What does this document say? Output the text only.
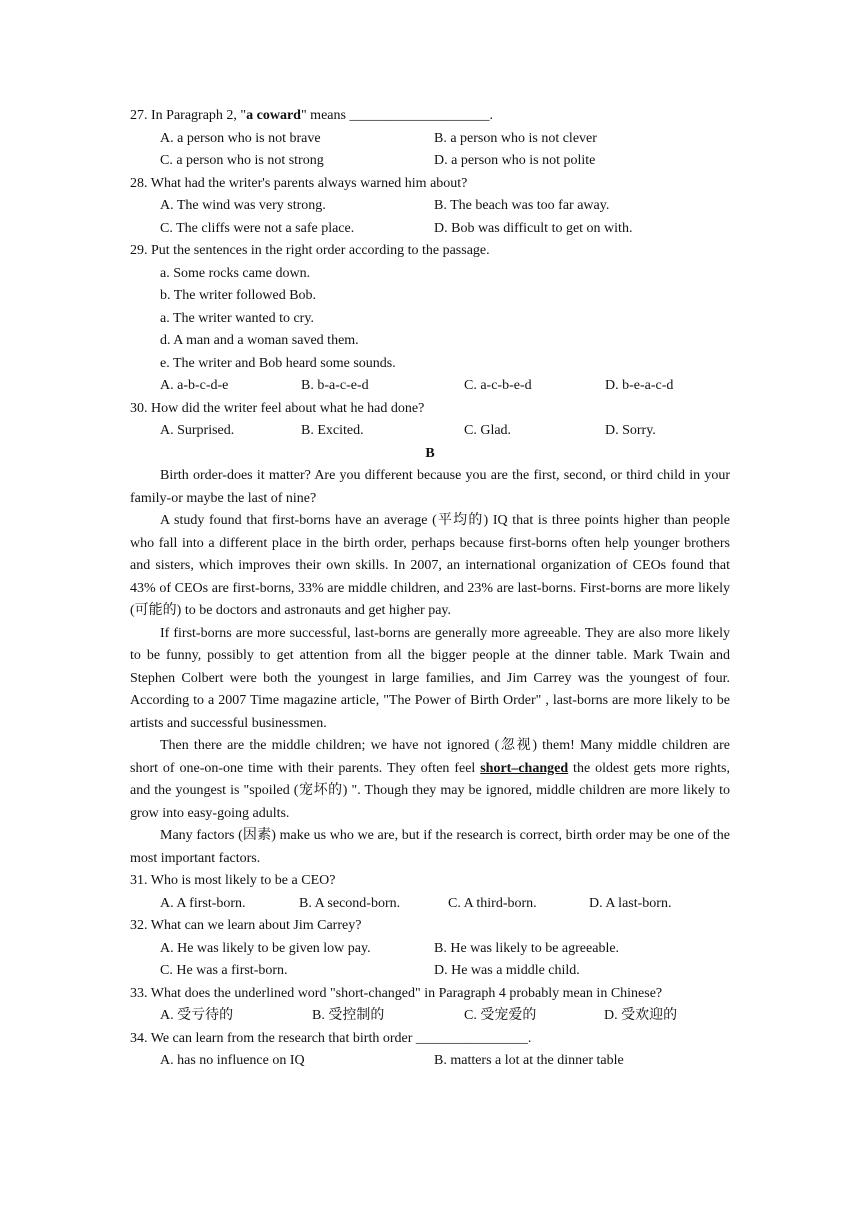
27. In Paragraph 2, "a coward" means ____________________.
A. a person who is not brave	B. a person who is not clever
C. a person who is not strong	D. a person who is not polite
28. What had the writer's parents always warned him about?
A. The wind was very strong.	B. The beach was too far away.
C. The cliffs were not a safe place.	D. Bob was difficult to get on with.
29. Put the sentences in the right order according to the passage.
a. Some rocks came down.
b. The writer followed Bob.
a. The writer wanted to cry.
d. A man and a woman saved them.
e. The writer and Bob heard some sounds.
A. a-b-c-d-e	B. b-a-c-e-d	C. a-c-b-e-d	D. b-e-a-c-d
30. How did the writer feel about what he had done?
A. Surprised.	B. Excited.	C. Glad.	D. Sorry.
B

Birth order-does it matter? Are you different because you are the first, second, or third child in your family-or maybe the last of nine?

A study found that first-borns have an average (平均的) IQ that is three points higher than people who fall into a different place in the birth order, perhaps because first-borns often help younger brothers and sisters, which improves their own skills. In 2007, an international organization of CEOs found that 43% of CEOs are first-borns, 33% are middle children, and 23% are last-borns. First-borns are more likely (可能的) to be doctors and astronauts and get higher pay.

If first-borns are more successful, last-borns are generally more agreeable. They are also more likely to be funny, possibly to get attention from all the bigger people at the dinner table. Mark Twain and Stephen Colbert were both the youngest in large families, and Jim Carrey was the youngest of four. According to a 2007 Time magazine article, "The Power of Birth Order" , last-borns are more likely to be artists and successful businessmen.

Then there are the middle children; we have not ignored (忽视) them! Many middle children are short of one-on-one time with their parents. They often feel short–changed the oldest gets more rights, and the youngest is "spoiled (宠坏的) ". Though they may be ignored, middle children are more likely to grow into easy-going adults.

Many factors (因素) make us who we are, but if the research is correct, birth order may be one of the most important factors.

31. Who is most likely to be a CEO?
A. A first-born.	B. A second-born.	C. A third-born.	D. A last-born.
32. What can we learn about Jim Carrey?
A. He was likely to be given low pay.	B. He was likely to be agreeable.
C. He was a first-born.	D. He was a middle child.
33. What does the underlined word "short-changed" in Paragraph 4 probably mean in Chinese?
A. 受亏待的	B. 受控制的	C. 受宠爱的	D. 受欢迎的
34. We can learn from the research that birth order ________________.
A. has no influence on IQ	B. matters a lot at the dinner table
